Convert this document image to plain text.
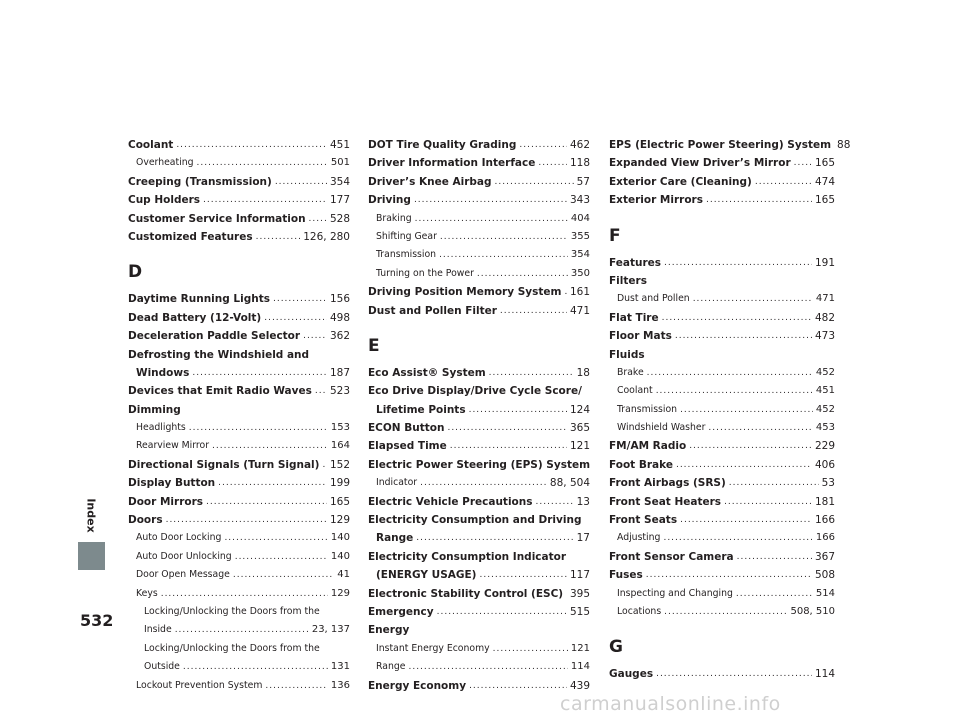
Index
Coolant .....	451
Overheating .....	501
Creeping (Transmission) .....	354
Cup Holders .....	177
Customer Service Information ..... 528
Customized Features .....	126, 280
D
Daytime Running Lights .....	156
Dead Battery (12-Volt) .....	498
Deceleration Paddle Selector .....	362
Defrosting the Windshield and
Windows .....	187
Devices that Emit Radio Waves ..... 523
Dimming
Headlights .....	153
Rearview Mirror .....	164
Directional Signals (Turn Signal) ..... 152
Display Button .....	199
Door Mirrors .....	165
Doors .....	129
Auto Door Locking .....	140
Auto Door Unlocking .....	140
Door Open Message .....	41
Keys .....	129
Locking/Unlocking the Doors from the
Inside .....	23, 137
Locking/Unlocking the Doors from the
Outside .....	131
Lockout Prevention System .....	136
DOT Tire Quality Grading .....	462
Driver Information Interface .....	118
Driver’s Knee Airbag .....	57
Driving .....	343
Braking .....	404
Shifting Gear .....	355
Transmission .....	354
Turning on the Power .....	350
Driving Position Memory System ..... 161
Dust and Pollen Filter .....	471
E
Eco Assist® System .....	18
Eco Drive Display/Drive Cycle Score/
Lifetime Points .....	124
ECON Button .....	365
Elapsed Time .....	121
Electric Power Steering (EPS) System
Indicator .....	88, 504
Electric Vehicle Precautions .....	13
Electricity Consumption and Driving
Range .....	17
Electricity Consumption Indicator
(ENERGY USAGE) .....	117
Electronic Stability Control (ESC) ..... 395
Emergency .....	515
Energy
Instant Energy Economy .....	121
Range .....	114
Energy Economy .....	439
EPS (Electric Power Steering) System 88
Expanded View Driver’s Mirror ..... 165
Exterior Care (Cleaning) .....	474
Exterior Mirrors .....	165
F
Features .....	191
Filters
Dust and Pollen .....	471
Flat Tire .....	482
Floor Mats .....	473
Fluids
Brake .....	452
Coolant .....	451
Transmission .....	452
Windshield Washer .....	453
FM/AM Radio .....	229
Foot Brake .....	406
Front Airbags (SRS) .....	53
Front Seat Heaters .....	181
Front Seats .....	166
Adjusting .....	166
Front Sensor Camera .....	367
Fuses .....	508
Inspecting and Changing .....	514
Locations .....	508, 510
G
Gauges .....	114
532
carmanualsonline.info
